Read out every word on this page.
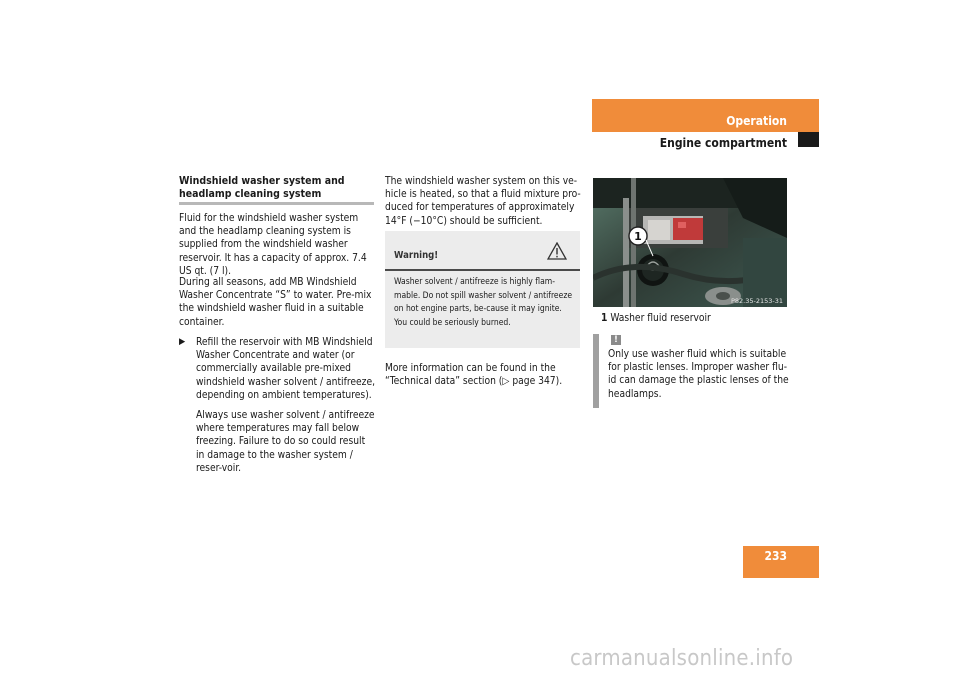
Operation
Engine compartment
Windshield washer system and headlamp cleaning system
Fluid for the windshield washer system and the headlamp cleaning system is supplied from the windshield washer reservoir. It has a capacity of approx. 7.4 US qt. (7 l).
During all seasons, add MB Windshield Washer Concentrate “S” to water. Pre-mix the windshield washer fluid in a suitable container.
▶ Refill the reservoir with MB Windshield Washer Concentrate and water (or commercially available pre-mixed windshield washer solvent / antifreeze, depending on ambient temperatures).
Always use washer solvent / antifreeze where temperatures may fall below freezing. Failure to do so could result in damage to the washer system / reser-voir.
The windshield washer system on this ve-hicle is heated, so that a fluid mixture pro-duced for temperatures of approximately 14°F (−10°C) should be sufficient.
Warning!
Washer solvent / antifreeze is highly flam-mable. Do not spill washer solvent / antifreeze on hot engine parts, be-cause it may ignite. You could be seriously burned.
More information can be found in the “Technical data” section (▷ page 347).
1
P82.35-2153-31
1 Washer fluid reservoir
!
Only use washer fluid which is suitable for plastic lenses. Improper washer flu-id can damage the plastic lenses of the headlamps.
233
carmanualsonline.info
